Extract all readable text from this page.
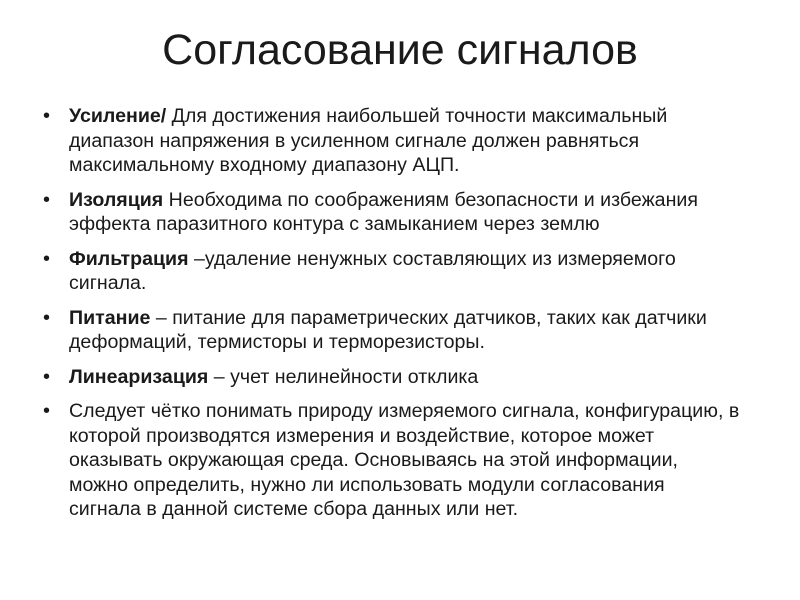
Согласование сигналов
• Усиление/ Для достижения наибольшей точности максимальный диапазон напряжения в усиленном сигнале должен равняться максимальному входному диапазону АЦП.
• Изоляция Необходима по соображениям безопасности и избежания эффекта паразитного контура с замыканием через землю
• Фильтрация –удаление ненужных составляющих из измеряемого сигнала.
• Питание – питание для параметрических датчиков, таких как датчики деформаций, термисторы и терморезисторы.
• Линеаризация – учет нелинейности отклика
• Следует чётко понимать природу измеряемого сигнала, конфигурацию, в которой производятся измерения и воздействие, которое может оказывать окружающая среда. Основываясь на этой информации, можно определить, нужно ли использовать модули согласования сигнала в данной системе сбора данных или нет.
